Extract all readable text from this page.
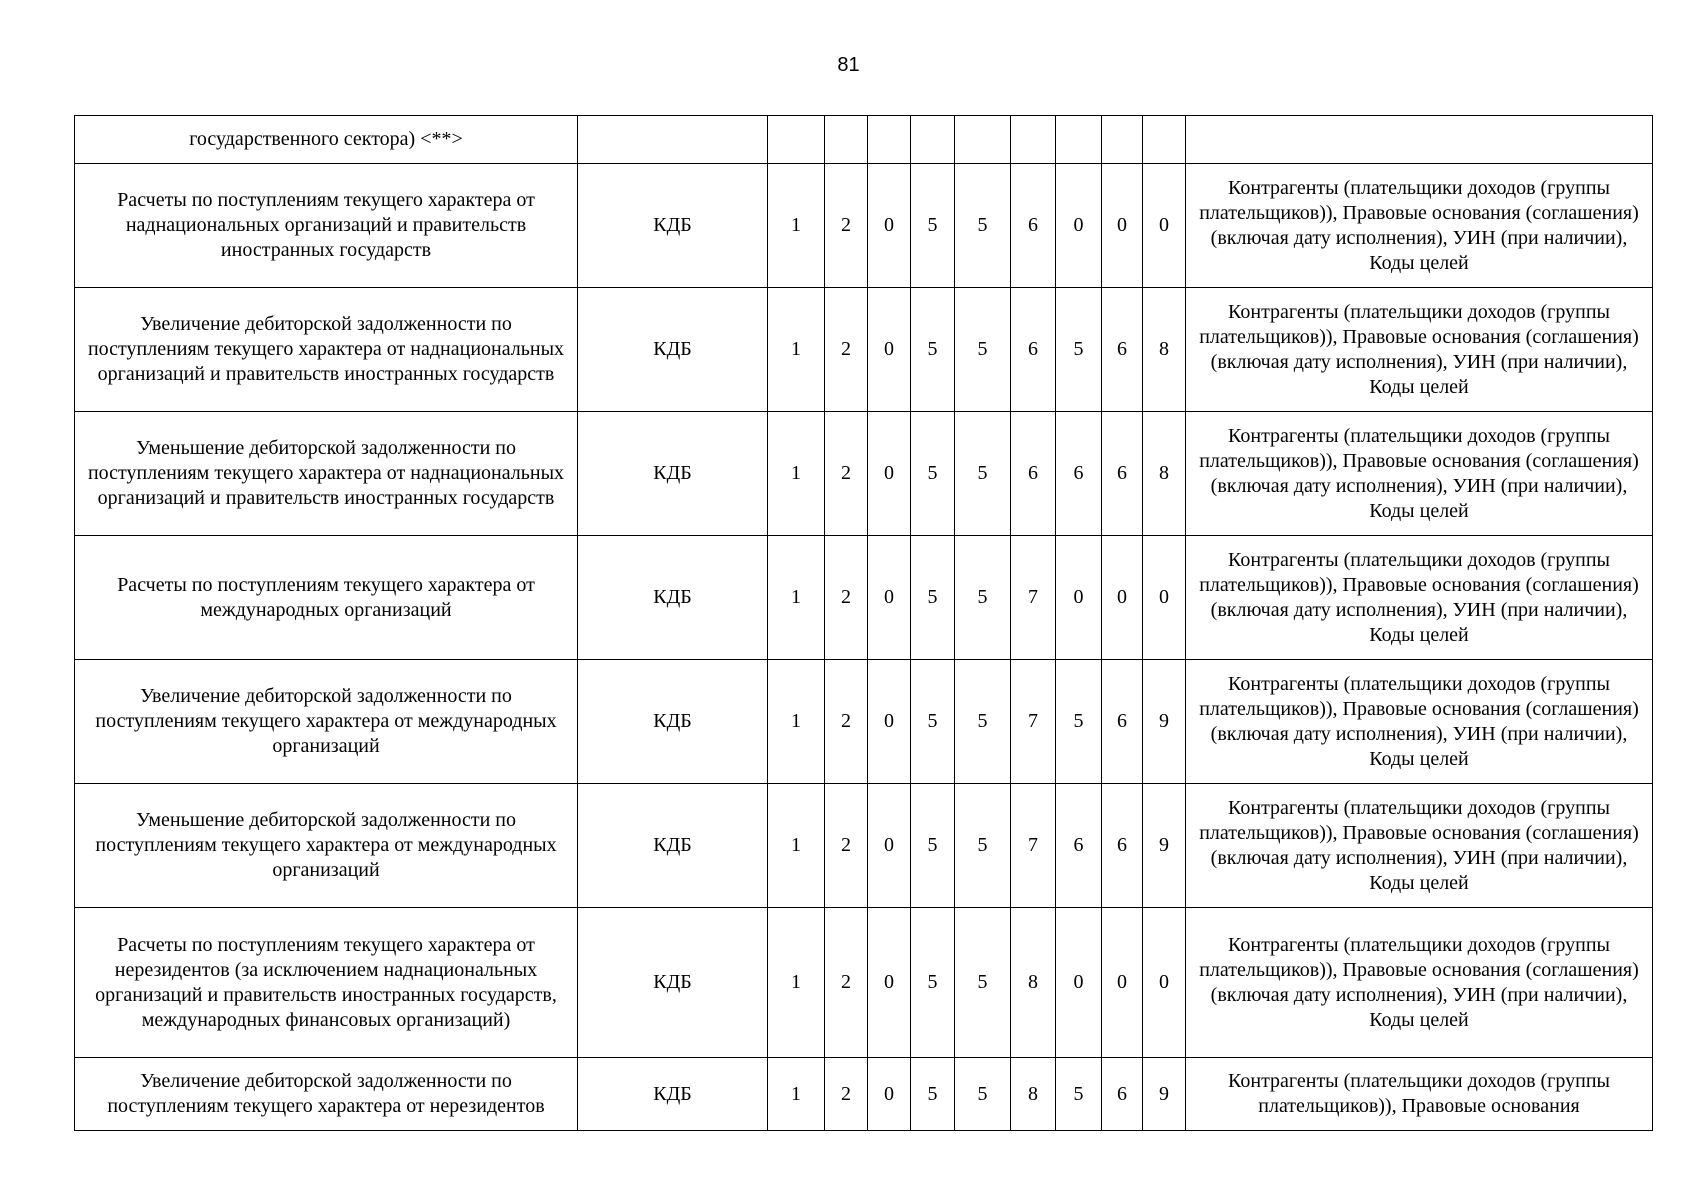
81
государственного сектора) <**>											
Расчеты по поступлениям текущего характера от наднациональных организаций и правительств иностранных государств	КДБ	1	2	0	5	5	6	0	0	0	Контрагенты (плательщики доходов (группы плательщиков)), Правовые основания (соглашения) (включая дату исполнения), УИН (при наличии), Коды целей
Увеличение дебиторской задолженности по поступлениям текущего характера от наднациональных организаций и правительств иностранных государств	КДБ	1	2	0	5	5	6	5	6	8	Контрагенты (плательщики доходов (группы плательщиков)), Правовые основания (соглашения) (включая дату исполнения), УИН (при наличии), Коды целей
Уменьшение дебиторской задолженности по поступлениям текущего характера от наднациональных организаций и правительств иностранных государств	КДБ	1	2	0	5	5	6	6	6	8	Контрагенты (плательщики доходов (группы плательщиков)), Правовые основания (соглашения) (включая дату исполнения), УИН (при наличии), Коды целей
Расчеты по поступлениям текущего характера от международных организаций	КДБ	1	2	0	5	5	7	0	0	0	Контрагенты (плательщики доходов (группы плательщиков)), Правовые основания (соглашения) (включая дату исполнения), УИН (при наличии), Коды целей
Увеличение дебиторской задолженности по поступлениям текущего характера от международных организаций	КДБ	1	2	0	5	5	7	5	6	9	Контрагенты (плательщики доходов (группы плательщиков)), Правовые основания (соглашения) (включая дату исполнения), УИН (при наличии), Коды целей
Уменьшение дебиторской задолженности по поступлениям текущего характера от международных организаций	КДБ	1	2	0	5	5	7	6	6	9	Контрагенты (плательщики доходов (группы плательщиков)), Правовые основания (соглашения) (включая дату исполнения), УИН (при наличии), Коды целей
Расчеты по поступлениям текущего характера от нерезидентов (за исключением наднациональных организаций и правительств иностранных государств, международных финансовых организаций)	КДБ	1	2	0	5	5	8	0	0	0	Контрагенты (плательщики доходов (группы плательщиков)), Правовые основания (соглашения) (включая дату исполнения), УИН (при наличии), Коды целей
Увеличение дебиторской задолженности по поступлениям текущего характера от нерезидентов	КДБ	1	2	0	5	5	8	5	6	9	Контрагенты (плательщики доходов (группы плательщиков)), Правовые основания
